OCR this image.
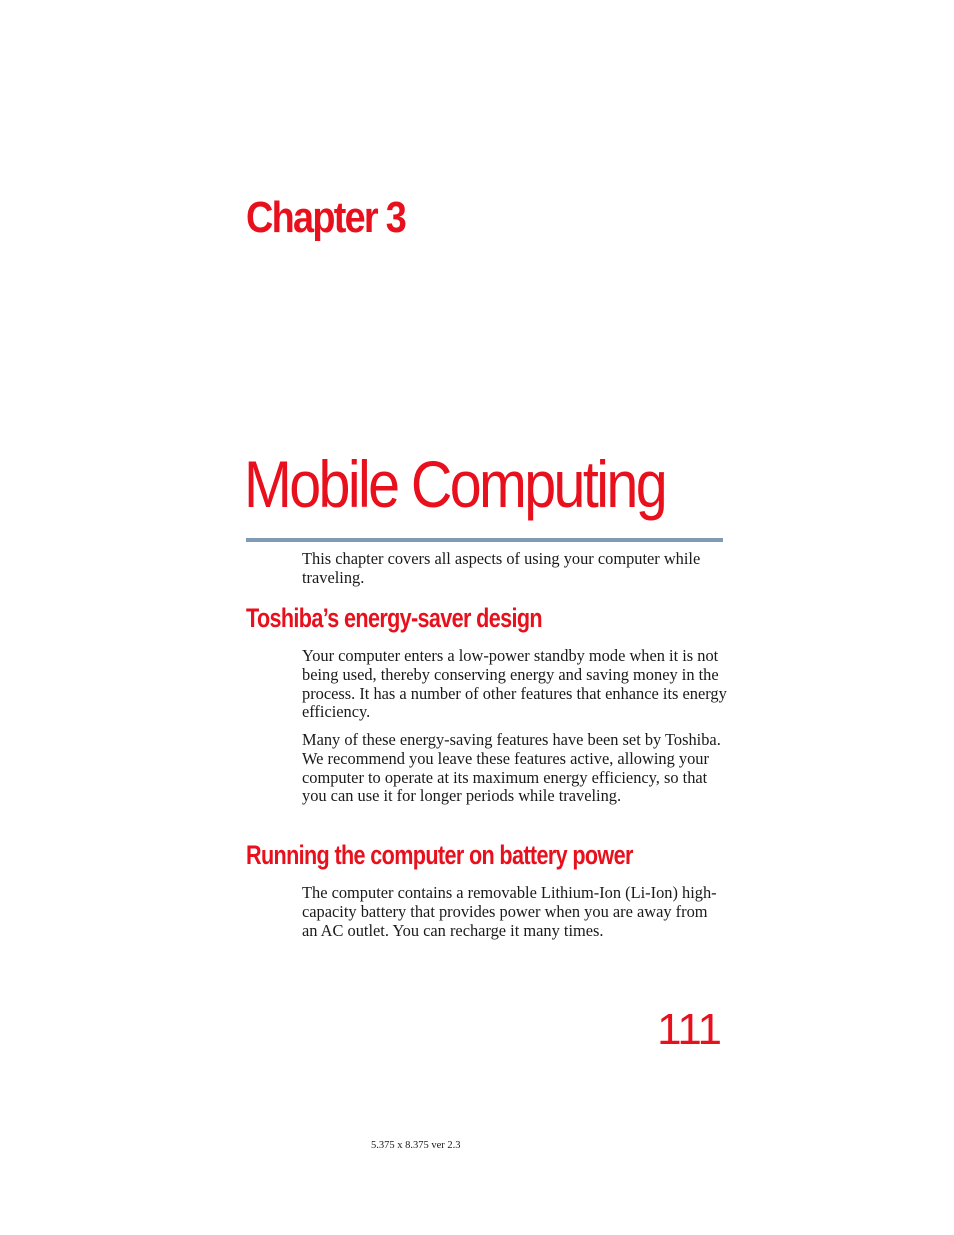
Chapter 3
Mobile Computing

This chapter covers all aspects of using your computer while traveling.

Toshiba’s energy-saver design

Your computer enters a low-power standby mode when it is not being used, thereby conserving energy and saving money in the process. It has a number of other features that enhance its energy efficiency.

Many of these energy-saving features have been set by Toshiba. We recommend you leave these features active, allowing your computer to operate at its maximum energy efficiency, so that you can use it for longer periods while traveling.

Running the computer on battery power

The computer contains a removable Lithium-Ion (Li-Ion) high-capacity battery that provides power when you are away from an AC outlet. You can recharge it many times.

111
5.375 x 8.375 ver 2.3
